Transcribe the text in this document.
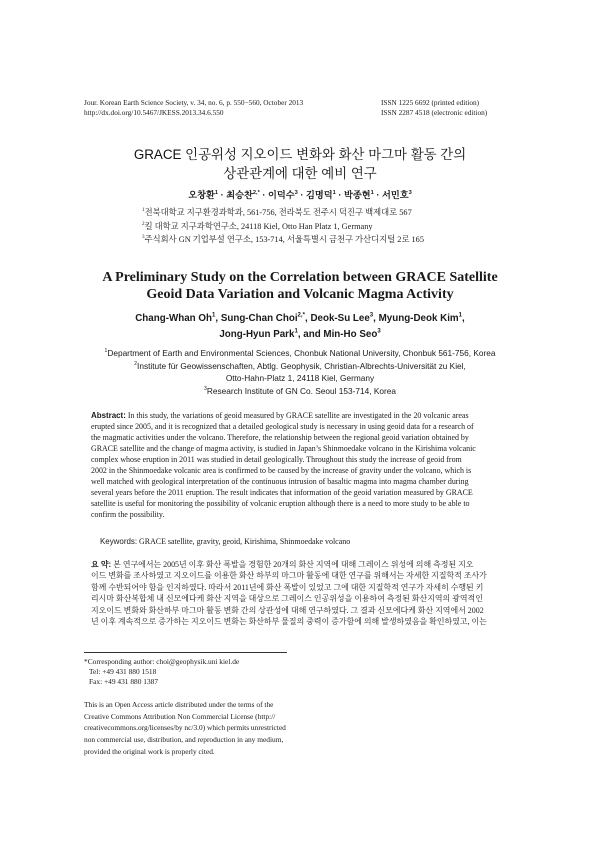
Jour. Korean Earth Science Society, v. 34, no. 6, p. 550−560, October 2013
http://dx.doi.org/10.5467/JKESS.2013.34.6.550
ISSN 1225 6692 (printed edition)
ISSN 2287 4518 (electronic edition)
GRACE 인공위성 지오이드 변화와 화산 마그마 활동 간의
상관관계에 대한 예비 연구
오창환$^1$ · 최승찬$^{2,*}$ · 이덕수$^3$ · 김명덕$^1$ · 박종현$^1$ · 서민호$^3$
$^1$전북대학교 지구환경과학과, 561-756, 전라북도 전주시 덕진구 백제대로 567
$^2$킬 대학교 지구과학연구소, 24118 Kiel, Otto Han Platz 1, Germany
$^3$주식회사 GN 기업부설 연구소, 153-714, 서울특별시 금천구 가산디지털 2로 165
A Preliminary Study on the Correlation between GRACE Satellite
Geoid Data Variation and Volcanic Magma Activity
Chang-Whan Oh$^1$, Sung-Chan Choi$^{2,*}$, Deok-Su Lee$^3$, Myung-Deok Kim$^1$,
Jong-Hyun Park$^1$, and Min-Ho Seo$^3$
$^1$Department of Earth and Environmental Sciences, Chonbuk National University, Chonbuk 561-756, Korea
$^2$Institute für Geowissenschaften, Abtlg. Geophysik, Christian-Albrechts-Universität zu Kiel,
Otto-Hahn-Platz 1, 24118 Kiel, Germany
$^3$Research Institute of GN Co. Seoul 153-714, Korea
Abstract: In this study, the variations of geoid measured by GRACE satellite are investigated in the 20 volcanic areas
erupted since 2005, and it is recognized that a detailed geological study is necessary in using geoid data for a research of
the magmatic activities under the volcano. Therefore, the relationship between the regional geoid variation obtained by
GRACE satellite and the change of magma activity, is studied in Japan’s Shinmoedake volcano in the Kirishima volcanic
complex whose eruption in 2011 was studied in detail geologically. Throughout this study the increase of geoid from
2002 in the Shinmoedake volcanic area is confirmed to be caused by the increase of gravity under the volcano, which is
well matched with geological interpretation of the continuous intrusion of basaltic magma into magma chamber during
several years before the 2011 eruption. The result indicates that information of the geoid variation measured by GRACE
satellite is useful for monitoring the possibility of volcanic eruption although there is a need to more study to be able to
confirm the possibility.
Keywords: GRACE satellite, gravity, geoid, Kirishima, Shinmoedake volcano
요 약: 본 연구에서는 2005년 이후 화산 폭발을 경험한 20개의 화산 지역에 대해 그레이스 위성에 의해 측정된 지오
이드 변화를 조사하였고 지오이드를 이용한 화산 하부의 마그마 활동에 대한 연구를 위해서는 자세한 지질학적 조사가
함께 수반되어야 함을 인지하였다. 따라서 2011년에 화산 폭발이 있었고 그에 대한 지질학적 연구가 자세히 수행된 키
리시마 화산복합체 내 신모에다케 화산 지역을 대상으로 그레이스 인공위성을 이용하여 측정된 화산지역의 광역적인
지오이드 변화와 화산하부 마그마 활동 변화 간의 상관성에 대해 연구하였다. 그 결과 신모에다케 화산 지역에서 2002
년 이후 계속적으로 증가하는 지오이드 변화는 화산하부 물질의 중력이 증가함에 의해 발생하였음을 확인하였고, 이는
*Corresponding author: choi@geophysik.uni kiel.de
Tel: +49 431 880 1518
Fax: +49 431 880 1387
This is an Open Access article distributed under the terms of the
Creative Commons Attribution Non Commercial License (http://
creativecommons.org/licenses/by nc/3.0) which permits unrestricted
non commercial use, distribution, and reproduction in any medium,
provided the original work is properly cited.
